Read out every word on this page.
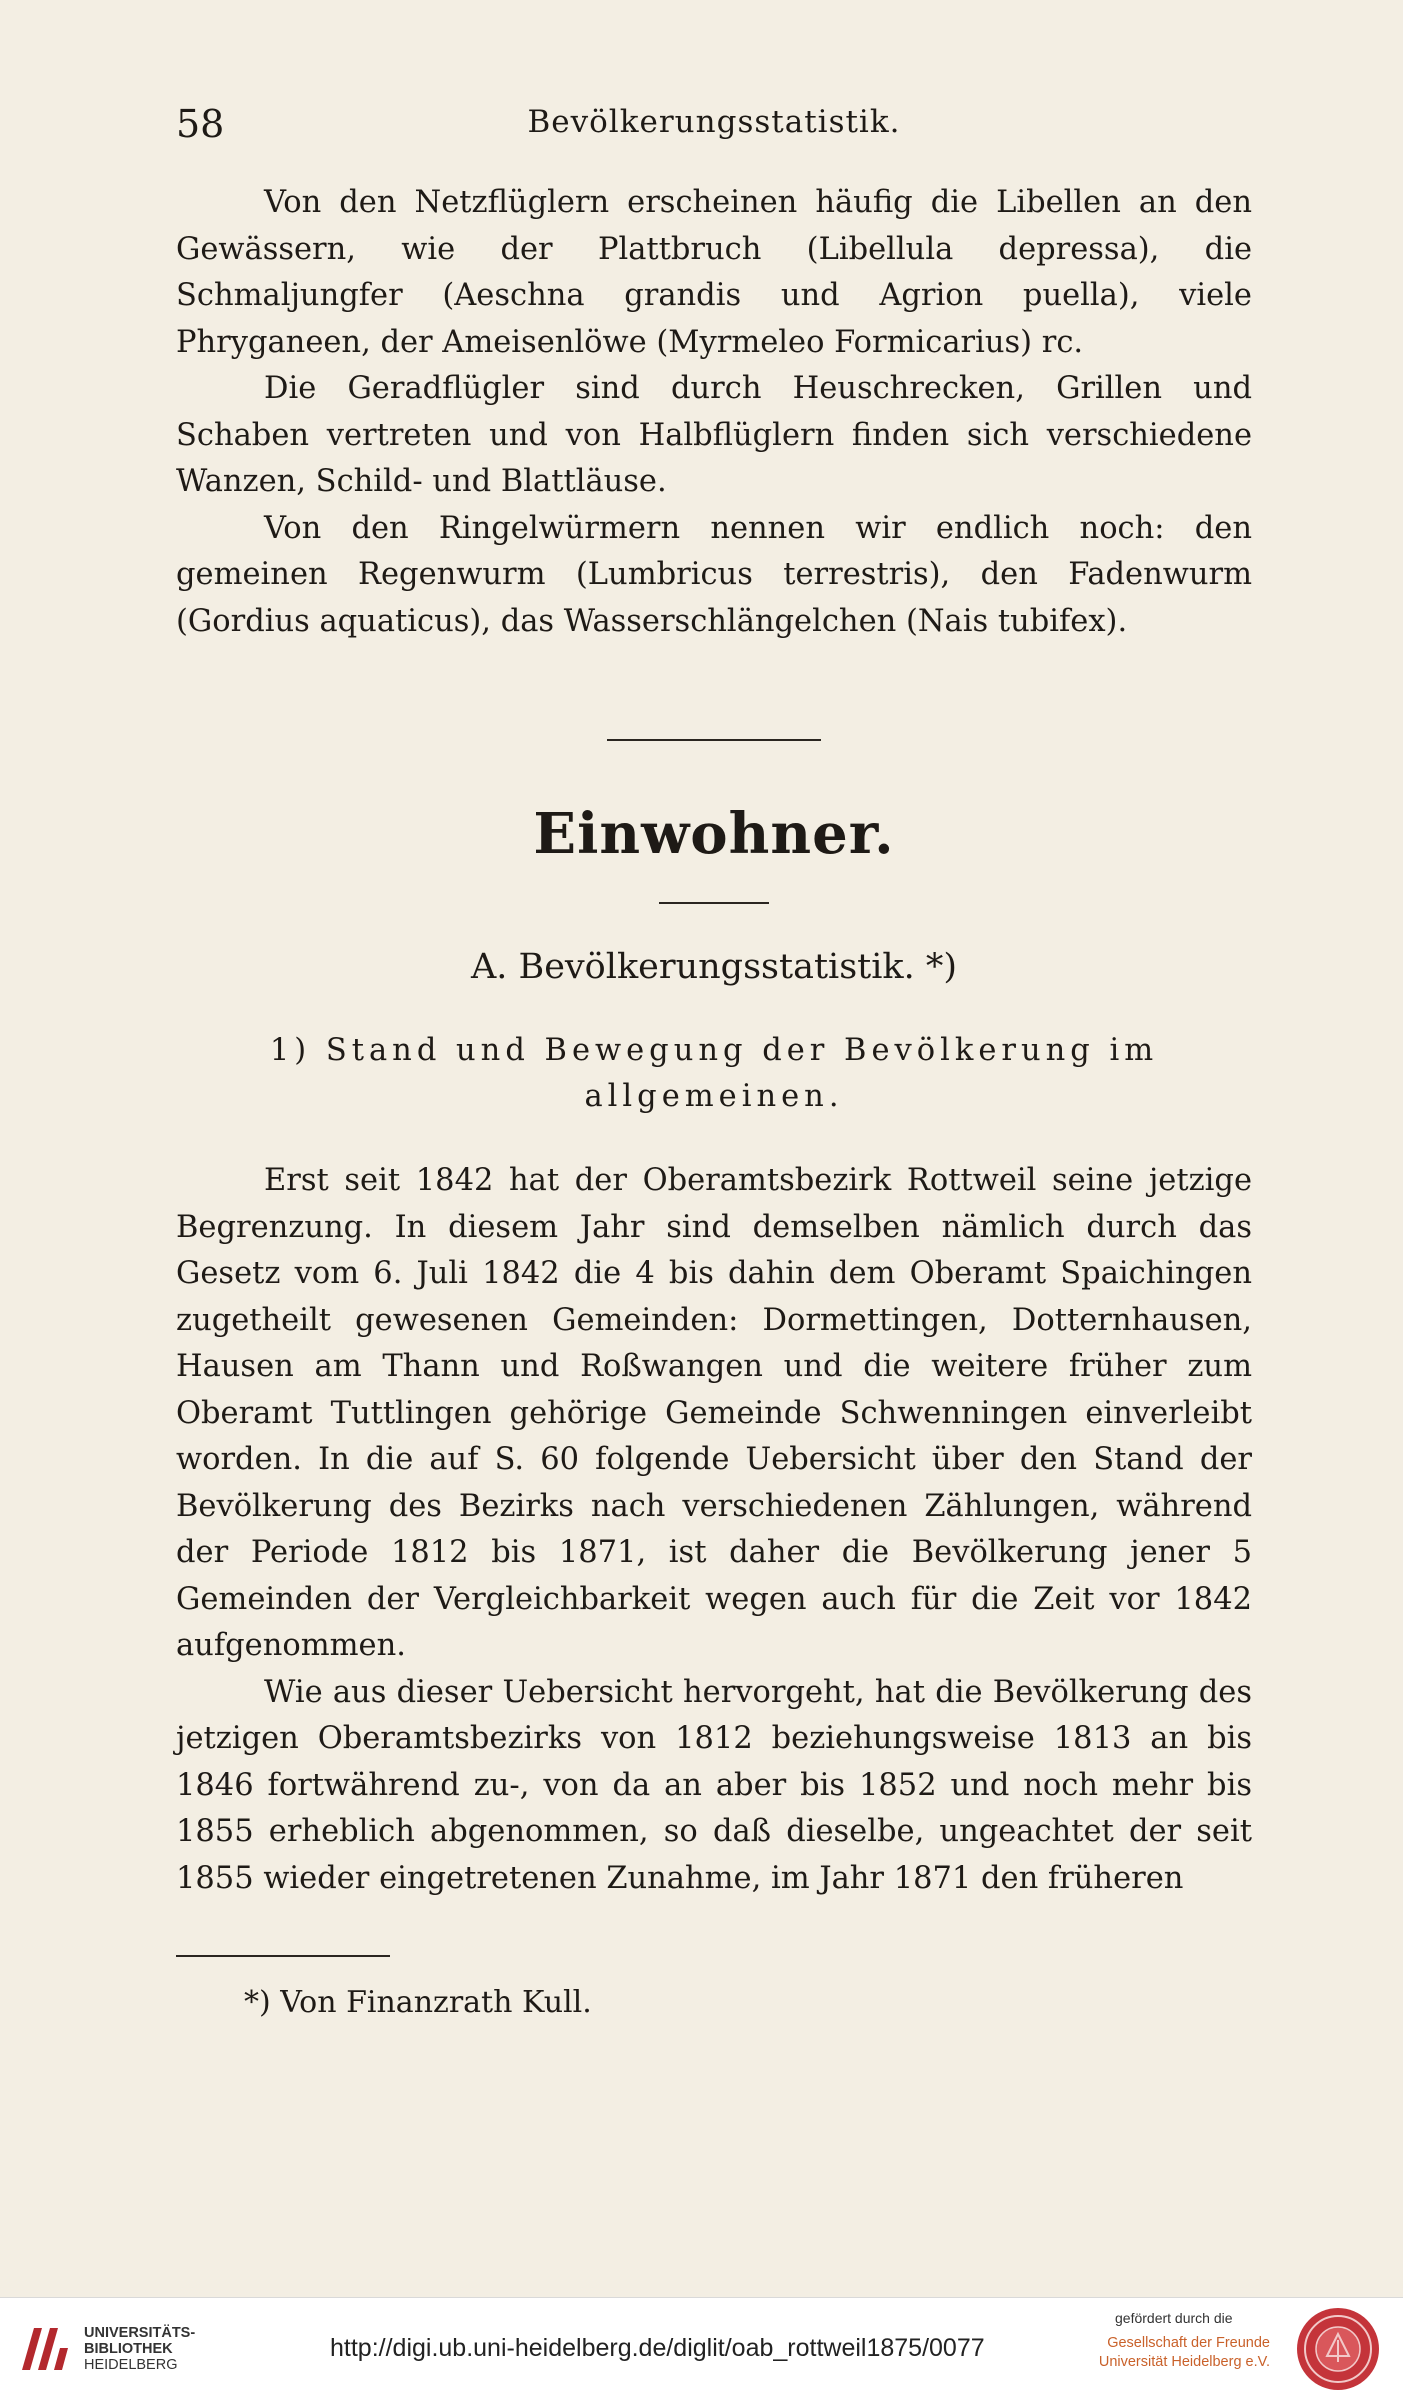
58	Bevölkerungsstatistik.

Von den Netzflüglern erscheinen häufig die Libellen an den Gewässern, wie der Plattbruch (Libellula depressa), die Schmaljungfer (Aeschna grandis und Agrion puella), viele Phryganeen, der Ameisenlöwe (Myrmeleo Formicarius) rc.

Die Geradflügler sind durch Heuschrecken, Grillen und Schaben vertreten und von Halbflüglern finden sich verschiedene Wanzen, Schild- und Blattläuse.

Von den Ringelwürmern nennen wir endlich noch: den gemeinen Regenwurm (Lumbricus terrestris), den Fadenwurm (Gordius aquaticus), das Wasserschlängelchen (Nais tubifex).

Einwohner.
A. Bevölkerungsstatistik. *)
1) Stand und Bewegung der Bevölkerung im
allgemeinen.

Erst seit 1842 hat der Oberamtsbezirk Rottweil seine jetzige Begrenzung. In diesem Jahr sind demselben nämlich durch das Gesetz vom 6. Juli 1842 die 4 bis dahin dem Oberamt Spaichingen zugetheilt gewesenen Gemeinden: Dormettingen, Dotternhausen, Hausen am Thann und Roßwangen und die weitere früher zum Oberamt Tuttlingen gehörige Gemeinde Schwenningen einverleibt worden. In die auf S. 60 folgende Uebersicht über den Stand der Bevölkerung des Bezirks nach verschiedenen Zählungen, während der Periode 1812 bis 1871, ist daher die Bevölkerung jener 5 Gemeinden der Vergleichbarkeit wegen auch für die Zeit vor 1842 aufgenommen.

Wie aus dieser Uebersicht hervorgeht, hat die Bevölkerung des jetzigen Oberamtsbezirks von 1812 beziehungsweise 1813 an bis 1846 fortwährend zu-, von da an aber bis 1852 und noch mehr bis 1855 erheblich abgenommen, so daß dieselbe, ungeachtet der seit 1855 wieder eingetretenen Zunahme, im Jahr 1871 den früheren

*) Von Finanzrath Kull.
UNIVERSITÄTS-
BIBLIOTHEK
HEIDELBERG
http://digi.ub.uni-heidelberg.de/diglit/oab_rottweil1875/0077
gefördert durch die
Gesellschaft der Freunde
Universität Heidelberg e.V.
